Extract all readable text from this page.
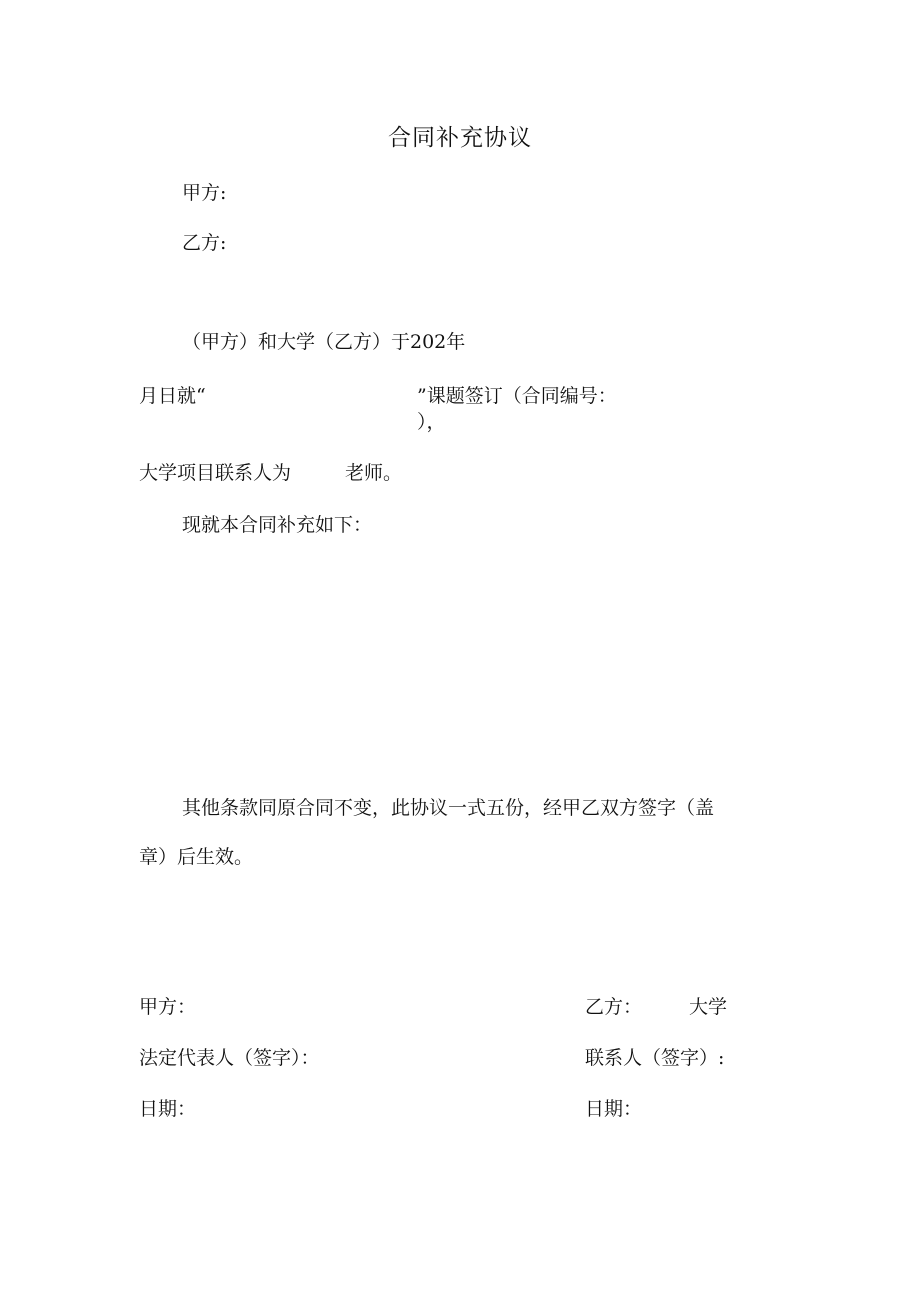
合同补充协议
甲方:
乙方:
（甲方）和大学（乙方）于202年
月日就“	”课题签订（合同编号：
），
大学项目联系人为	老师。
现就本合同补充如下：
其他条款同原合同不变，此协议一式五份，经甲乙双方签字（盖
章）后生效。
甲方：
法定代表人（签字）：
日期：
乙方： 大学
联系人（签字）:
日期：
